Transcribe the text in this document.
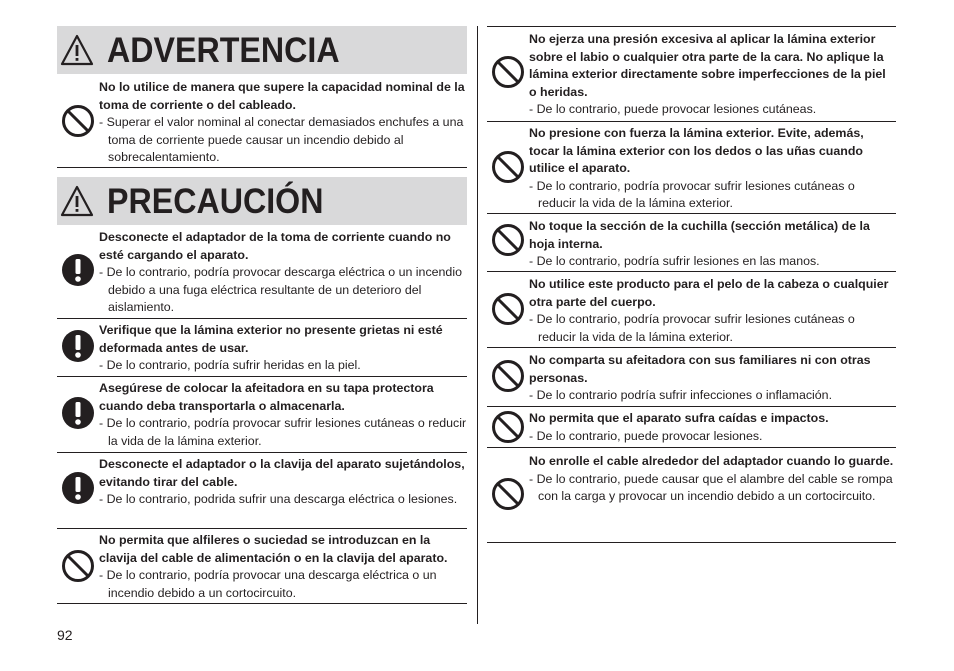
ADVERTENCIA
No lo utilice de manera que supere la capacidad nominal de la toma de corriente o del cableado.
- Superar el valor nominal al conectar demasiados enchufes a una toma de corriente puede causar un incendio debido al sobrecalentamiento.
PRECAUCIÓN
Desconecte el adaptador de la toma de corriente cuando no esté cargando el aparato.
- De lo contrario, podría provocar descarga eléctrica o un incendio debido a una fuga eléctrica resultante de un deterioro del aislamiento.
Verifique que la lámina exterior no presente grietas ni esté deformada antes de usar.
- De lo contrario, podría sufrir heridas en la piel.
Asegúrese de colocar la afeitadora en su tapa protectora cuando deba transportarla o almacenarla.
- De lo contrario, podría provocar sufrir lesiones cutáneas o reducir la vida de la lámina exterior.
Desconecte el adaptador o la clavija del aparato sujetándolos, evitando tirar del cable.
- De lo contrario, podrida sufrir una descarga eléctrica o lesiones.
No permita que alfileres o suciedad se introduzcan en la clavija del cable de alimentación o en la clavija del aparato.
- De lo contrario, podría provocar una descarga eléctrica o un incendio debido a un cortocircuito.
No ejerza una presión excesiva al aplicar la lámina exterior sobre el labio o cualquier otra parte de la cara. No aplique la lámina exterior directamente sobre imperfecciones de la piel o heridas.
- De lo contrario, puede provocar lesiones cutáneas.
No presione con fuerza la lámina exterior. Evite, además, tocar la lámina exterior con los dedos o las uñas cuando utilice el aparato.
- De lo contrario, podría provocar sufrir lesiones cutáneas o reducir la vida de la lámina exterior.
No toque la sección de la cuchilla (sección metálica) de la hoja interna.
- De lo contrario, podría sufrir lesiones en las manos.
No utilice este producto para el pelo de la cabeza o cualquier otra parte del cuerpo.
- De lo contrario, podría provocar sufrir lesiones cutáneas o reducir la vida de la lámina exterior.
No comparta su afeitadora con sus familiares ni con otras personas.
- De lo contrario podría sufrir infecciones o inflamación.
No permita que el aparato sufra caídas e impactos.
- De lo contrario, puede provocar lesiones.
No enrolle el cable alrededor del adaptador cuando lo guarde.
- De lo contrario, puede causar que el alambre del cable se rompa con la carga y provocar un incendio debido a un cortocircuito.
92
